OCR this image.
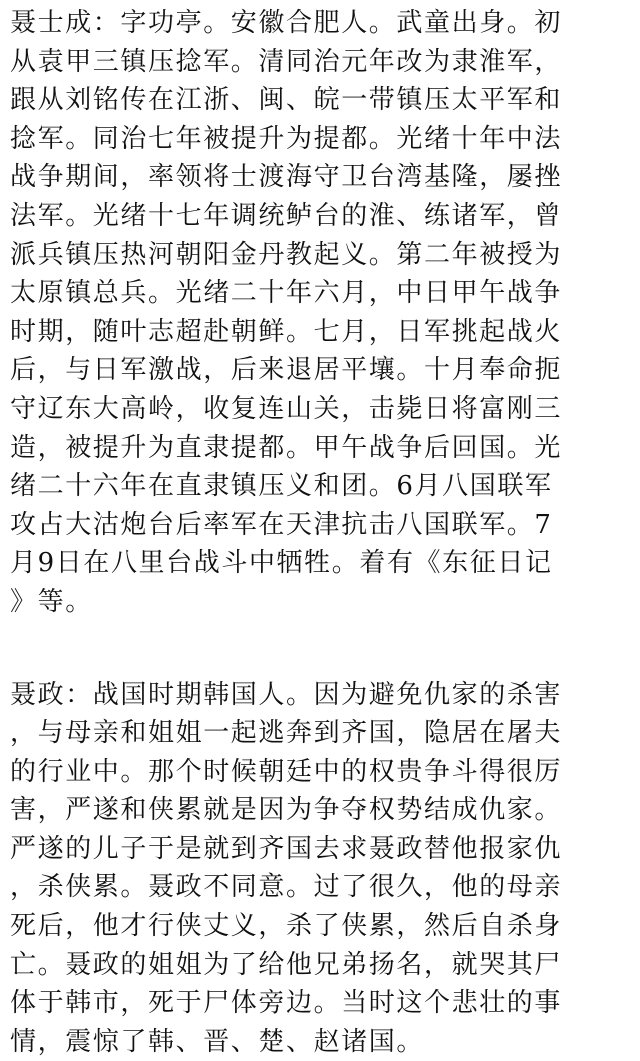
聂士成：字功亭。安徽合肥人。武童出身。初
从袁甲三镇压捻军。清同治元年改为隶淮军，
跟从刘铭传在江浙、闽、皖一带镇压太平军和
捻军。同治七年被提升为提都。光绪十年中法
战争期间，率领将士渡海守卫台湾基隆，屡挫
法军。光绪十七年调统鲈台的淮、练诸军，曾
派兵镇压热河朝阳金丹教起义。第二年被授为
太原镇总兵。光绪二十年六月，中日甲午战争
时期，随叶志超赴朝鲜。七月，日军挑起战火
后，与日军激战，后来退居平壤。十月奉命扼
守辽东大高岭，收复连山关，击毙日将富刚三
造，被提升为直隶提都。甲午战争后回国。光
绪二十六年在直隶镇压义和团。6月八国联军
攻占大沽炮台后率军在天津抗击八国联军。7
月9日在八里台战斗中牺牲。着有《东征日记
》等。
聂政：战国时期韩国人。因为避免仇家的杀害
，与母亲和姐姐一起逃奔到齐国，隐居在屠夫
的行业中。那个时候朝廷中的权贵争斗得很厉
害，严遂和侠累就是因为争夺权势结成仇家。
严遂的儿子于是就到齐国去求聂政替他报家仇
，杀侠累。聂政不同意。过了很久，他的母亲
死后，他才行侠丈义，杀了侠累，然后自杀身
亡。聂政的姐姐为了给他兄弟扬名，就哭其尸
体于韩市，死于尸体旁边。当时这个悲壮的事
情，震惊了韩、晋、楚、赵诸国。
